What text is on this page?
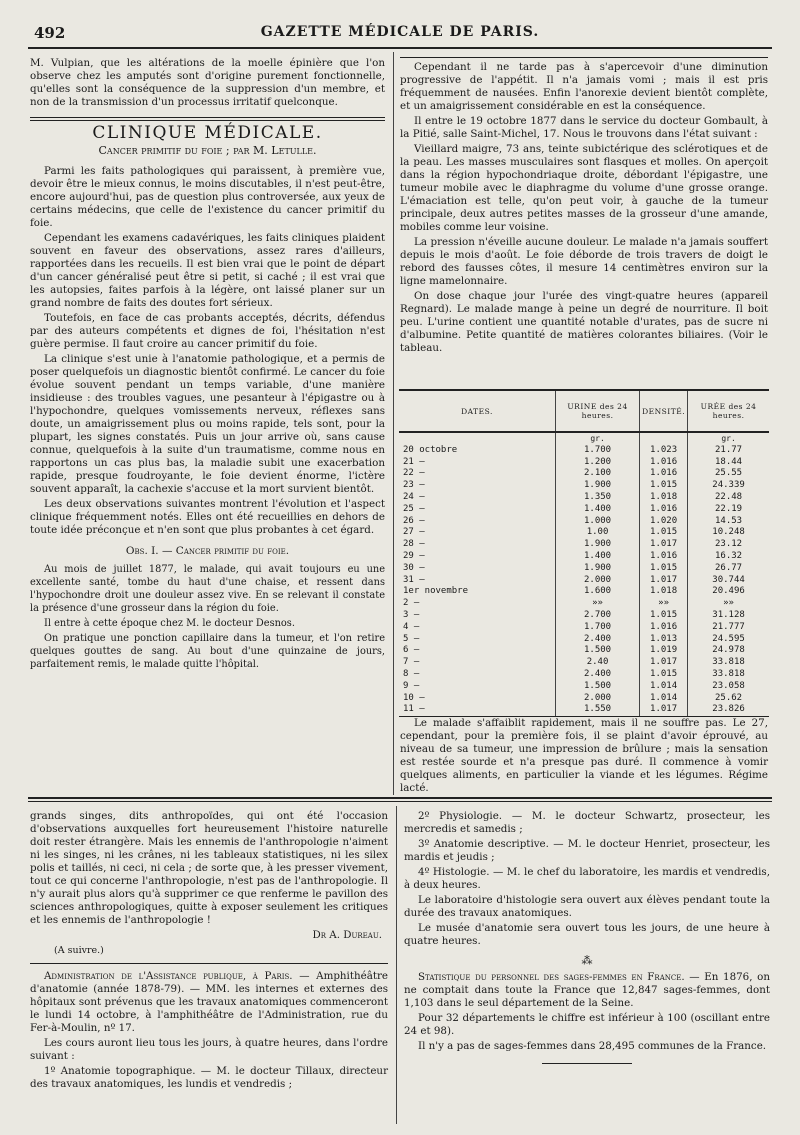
492	GAZETTE MÉDICALE DE PARIS.

M. Vulpian, que les altérations de la moelle épinière que l'on observe chez les amputés sont d'origine purement fonctionnelle, qu'elles sont la conséquence de la suppression d'un membre, et non de la transmission d'un processus irritatif quelconque.

CLINIQUE MÉDICALE.
Cancer primitif du foie ; par M. Letulle.

Parmi les faits pathologiques qui paraissent, à première vue, devoir être le mieux connus, le moins discutables, il n'est peut-être, encore aujourd'hui, pas de question plus controversée, aux yeux de certains médecins, que celle de l'existence du cancer primitif du foie.

Cependant les examens cadavériques, les faits cliniques plaident souvent en faveur des observations, assez rares d'ailleurs, rapportées dans les recueils. Il est bien vrai que le point de départ d'un cancer généralisé peut être si petit, si caché ; il est vrai que les autopsies, faites parfois à la légère, ont laissé planer sur un grand nombre de faits des doutes fort sérieux.

Toutefois, en face de cas probants acceptés, décrits, défendus par des auteurs compétents et dignes de foi, l'hésitation n'est guère permise. Il faut croire au cancer primitif du foie.

La clinique s'est unie à l'anatomie pathologique, et a permis de poser quelquefois un diagnostic bientôt confirmé. Le cancer du foie évolue souvent pendant un temps variable, d'une manière insidieuse : des troubles vagues, une pesanteur à l'épigastre ou à l'hypochondre, quelques vomissements nerveux, réflexes sans doute, un amaigrissement plus ou moins rapide, tels sont, pour la plupart, les signes constatés. Puis un jour arrive où, sans cause connue, quelquefois à la suite d'un traumatisme, comme nous en rapportons un cas plus bas, la maladie subit une exacerbation rapide, presque foudroyante, le foie devient énorme, l'ictère souvent apparaît, la cachexie s'accuse et la mort survient bientôt.

Les deux observations suivantes montrent l'évolution et l'aspect clinique fréquemment notés. Elles ont été recueillies en dehors de toute idée préconçue et n'en sont que plus probantes à cet égard.

Obs. I. — Cancer primitif du foie.

Au mois de juillet 1877, le malade, qui avait toujours eu une excellente santé, tombe du haut d'une chaise, et ressent dans l'hypochondre droit une douleur assez vive. En se relevant il constate la présence d'une grosseur dans la région du foie.

Il entre à cette époque chez M. le docteur Desnos.

On pratique une ponction capillaire dans la tumeur, et l'on retire quelques gouttes de sang. Au bout d'une quinzaine de jours, parfaitement remis, le malade quitte l'hôpital.

Cependant il ne tarde pas à s'apercevoir d'une diminution progressive de l'appétit. Il n'a jamais vomi ; mais il est pris fréquemment de nausées. Enfin l'anorexie devient bientôt complète, et un amaigrissement considérable en est la conséquence.

Il entre le 19 octobre 1877 dans le service du docteur Gombault, à la Pitié, salle Saint-Michel, 17. Nous le trouvons dans l'état suivant :

Vieillard maigre, 73 ans, teinte subictérique des sclérotiques et de la peau. Les masses musculaires sont flasques et molles. On aperçoit dans la région hypochondriaque droite, débordant l'épigastre, une tumeur mobile avec le diaphragme du volume d'une grosse orange. L'émaciation est telle, qu'on peut voir, à gauche de la tumeur principale, deux autres petites masses de la grosseur d'une amande, mobiles comme leur voisine.

La pression n'éveille aucune douleur. Le malade n'a jamais souffert depuis le mois d'août. Le foie déborde de trois travers de doigt le rebord des fausses côtes, il mesure 14 centimètres environ sur la ligne mamelonnaire.

On dose chaque jour l'urée des vingt-quatre heures (appareil Regnard). Le malade mange à peine un degré de nourriture. Il boit peu. L'urine contient une quantité notable d'urates, pas de sucre ni d'albumine. Petite quantité de matières colorantes biliaires. (Voir le tableau.

DATES.	URINE des 24 heures.	DENSITÉ.	URÉE des 24 heures.
	gr.		gr.
20 octobre	1.700	1.023	21.77
21 —	1.200	1.016	18.44
22 —	2.100	1.016	25.55
23 —	1.900	1.015	24.339
24 —	1.350	1.018	22.48
25 —	1.400	1.016	22.19
26 —	1.000	1.020	14.53
27 —	1.00	1.015	10.248
28 —	1.900	1.017	23.12
29 —	1.400	1.016	16.32
30 —	1.900	1.015	26.77
31 —	2.000	1.017	30.744
1er novembre	1.600	1.018	20.496
2 —	»»	»»	»»
3 —	2.700	1.015	31.128
4 —	1.700	1.016	21.777
5 —	2.400	1.013	24.595
6 —	1.500	1.019	24.978
7 —	2.40	1.017	33.818
8 —	2.400	1.015	33.818
9 —	1.500	1.014	23.058
10 —	2.000	1.014	25.62
11 —	1.550	1.017	23.826

Le malade s'affaiblit rapidement, mais il ne souffre pas. Le 27, cependant, pour la première fois, il se plaint d'avoir éprouvé, au niveau de sa tumeur, une impression de brûlure ; mais la sensation est restée sourde et n'a presque pas duré. Il commence à vomir quelques aliments, en particulier la viande et les légumes. Régime lacté.

grands singes, dits anthropoïdes, qui ont été l'occasion d'observations auxquelles fort heureusement l'histoire naturelle doit rester étrangère. Mais les ennemis de l'anthropologie n'aiment ni les singes, ni les crânes, ni les tableaux statistiques, ni les silex polis et taillés, ni ceci, ni cela ; de sorte que, à les presser vivement, tout ce qui concerne l'anthropologie, n'est pas de l'anthropologie. Il n'y aurait plus alors qu'à supprimer ce que renferme le pavillon des sciences anthropologiques, quitte à exposer seulement les critiques et les ennemis de l'anthropologie !

Dr A. Dureau.
(A suivre.)

Administration de l'Assistance publique, à Paris. — Amphithéâtre d'anatomie (année 1878-79). — MM. les internes et externes des hôpitaux sont prévenus que les travaux anatomiques commenceront le lundi 14 octobre, à l'amphithéâtre de l'Administration, rue du Fer-à-Moulin, nº 17.

Les cours auront lieu tous les jours, à quatre heures, dans l'ordre suivant :

1º Anatomie topographique. — M. le docteur Tillaux, directeur des travaux anatomiques, les lundis et vendredis ;

2º Physiologie. — M. le docteur Schwartz, prosecteur, les mercredis et samedis ;

3º Anatomie descriptive. — M. le docteur Henriet, prosecteur, les mardis et jeudis ;

4º Histologie. — M. le chef du laboratoire, les mardis et vendredis, à deux heures.

Le laboratoire d'histologie sera ouvert aux élèves pendant toute la durée des travaux anatomiques.

Le musée d'anatomie sera ouvert tous les jours, de une heure à quatre heures.

⁂

Statistique du personnel des sages-femmes en France. — En 1876, on ne comptait dans toute la France que 12,847 sages-femmes, dont 1,103 dans le seul département de la Seine.

Pour 32 départements le chiffre est inférieur à 100 (oscillant entre 24 et 98).

Il n'y a pas de sages-femmes dans 28,495 communes de la France.
